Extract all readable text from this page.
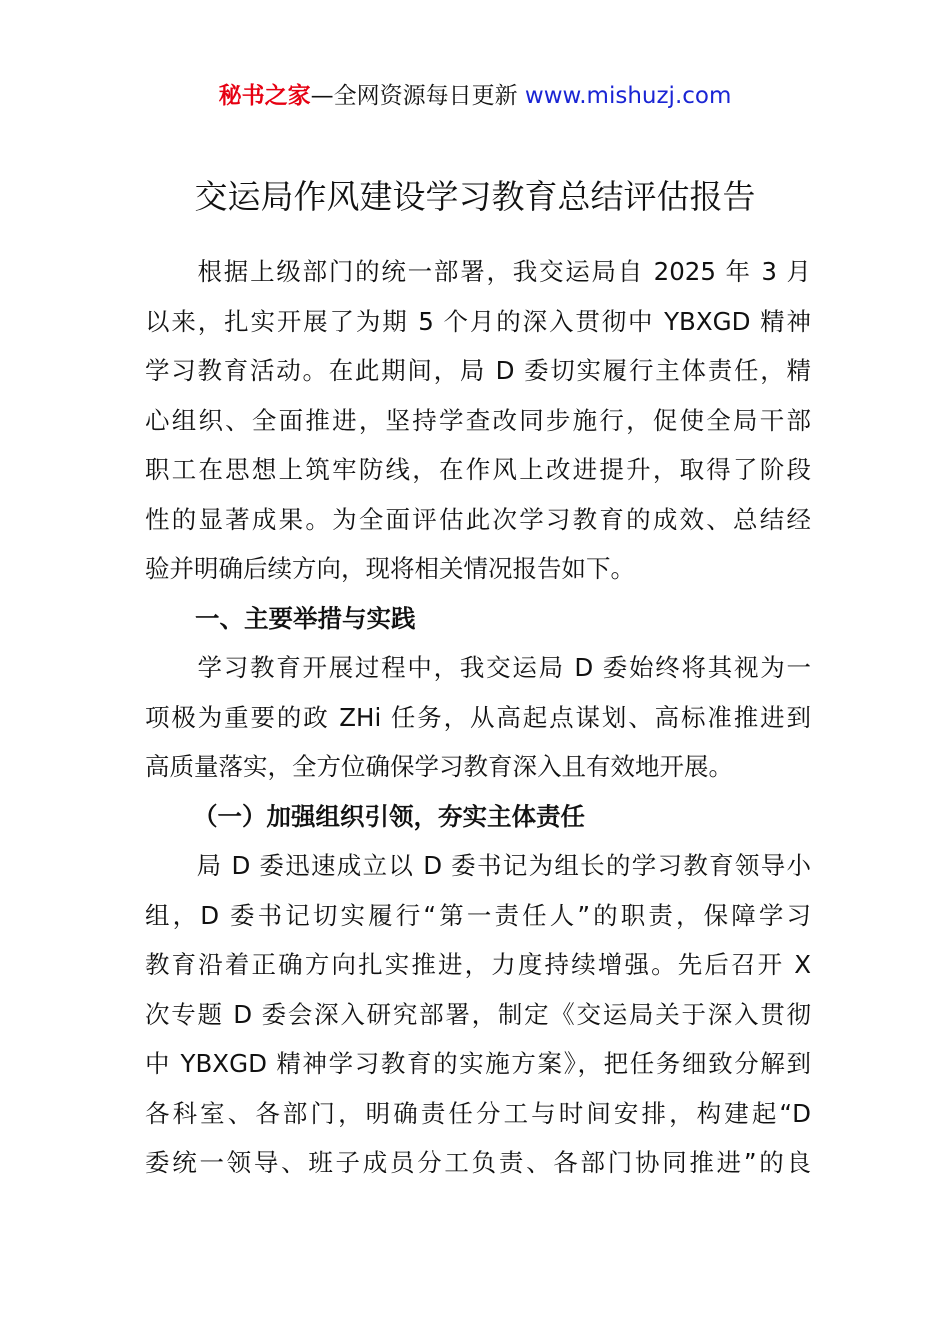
秘书之家—全网资源每日更新 www.mishuzj.com
交运局作风建设学习教育总结评估报告
　　根据上级部门的统一部署，我交运局自 2025 年 3 月
以来，扎实开展了为期 5 个月的深入贯彻中 YBXGD 精神
学习教育活动。在此期间，局 D 委切实履行主体责任，精
心组织、全面推进，坚持学查改同步施行，促使全局干部
职工在思想上筑牢防线，在作风上改进提升，取得了阶段
性的显著成果。为全面评估此次学习教育的成效、总结经
验并明确后续方向，现将相关情况报告如下。
一、主要举措与实践
　　学习教育开展过程中，我交运局 D 委始终将其视为一
项极为重要的政 ZHi 任务，从高起点谋划、高标准推进到
高质量落实，全方位确保学习教育深入且有效地开展。
（一）加强组织引领，夯实主体责任
　　局 D 委迅速成立以 D 委书记为组长的学习教育领导小
组，D 委书记切实履行“第一责任人”的职责，保障学习
教育沿着正确方向扎实推进，力度持续增强。先后召开 X
次专题 D 委会深入研究部署，制定《交运局关于深入贯彻
中 YBXGD 精神学习教育的实施方案》，把任务细致分解到
各科室、各部门，明确责任分工与时间安排，构建起“D
委统一领导、班子成员分工负责、各部门协同推进”的良
